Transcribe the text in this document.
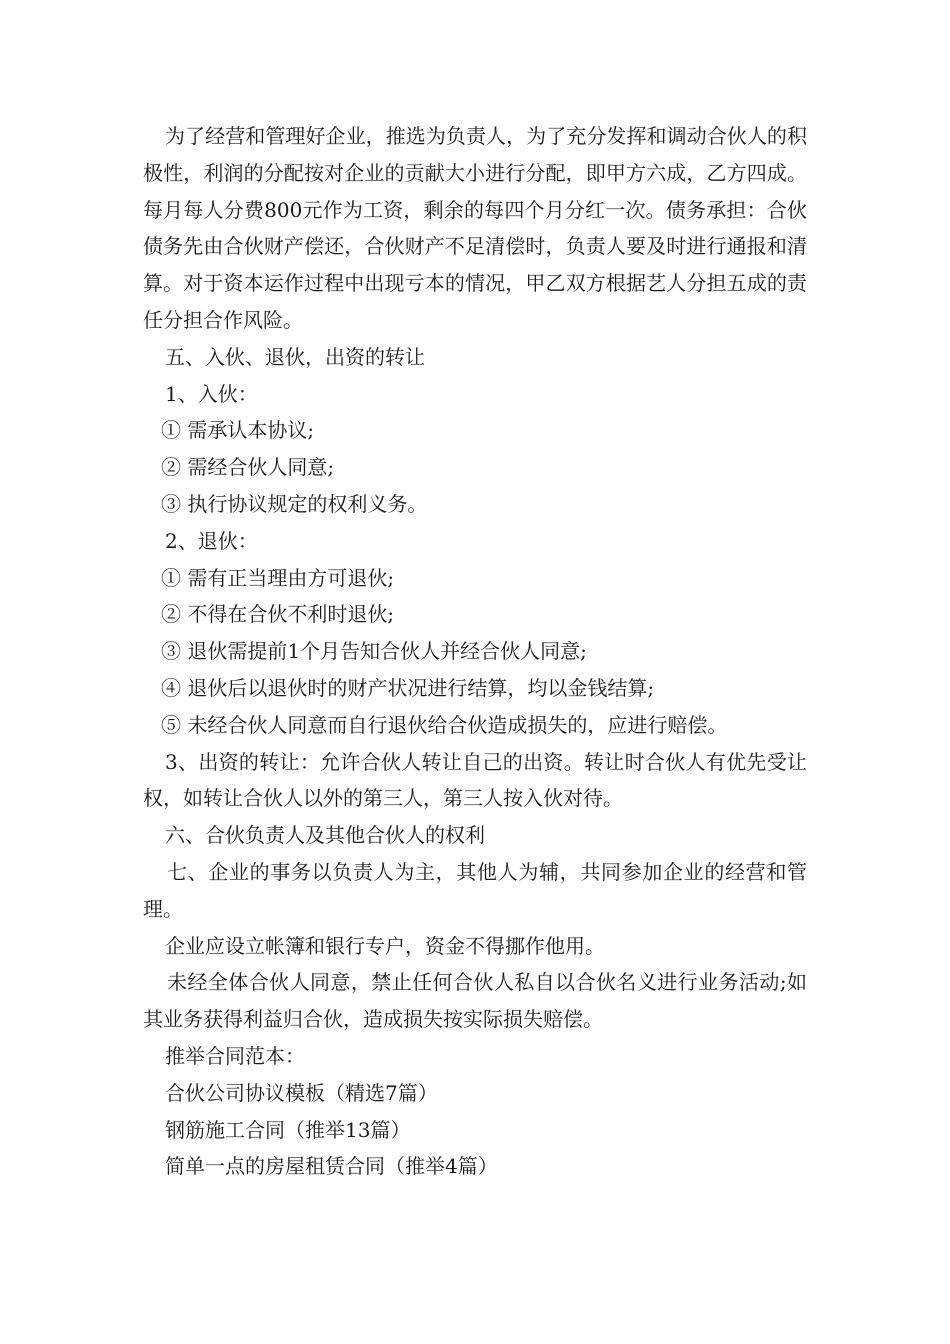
为了经营和管理好企业，推选为负责人，为了充分发挥和调动合伙人的积极性，利润的分配按对企业的贡献大小进行分配，即甲方六成，乙方四成。每月每人分费800元作为工资，剩余的每四个月分红一次。债务承担：合伙债务先由合伙财产偿还，合伙财产不足清偿时，负责人要及时进行通报和清算。对于资本运作过程中出现亏本的情况，甲乙双方根据艺人分担五成的责任分担合作风险。

五、入伙、退伙，出资的转让

1、入伙：

① 需承认本协议;

② 需经合伙人同意;

③ 执行协议规定的权利义务。

2、退伙：

① 需有正当理由方可退伙;

② 不得在合伙不利时退伙;

③ 退伙需提前1个月告知合伙人并经合伙人同意;

④ 退伙后以退伙时的财产状况进行结算，均以金钱结算;

⑤ 未经合伙人同意而自行退伙给合伙造成损失的，应进行赔偿。

3、出资的转让：允许合伙人转让自己的出资。转让时合伙人有优先受让权，如转让合伙人以外的第三人，第三人按入伙对待。

六、合伙负责人及其他合伙人的权利

七、企业的事务以负责人为主，其他人为辅，共同参加企业的经营和管理。

企业应设立帐簿和银行专户，资金不得挪作他用。

未经全体合伙人同意，禁止任何合伙人私自以合伙名义进行业务活动;如其业务获得利益归合伙，造成损失按实际损失赔偿。

推举合同范本：

合伙公司协议模板（精选7篇）

钢筋施工合同（推举13篇）

简单一点的房屋租赁合同（推举4篇）
